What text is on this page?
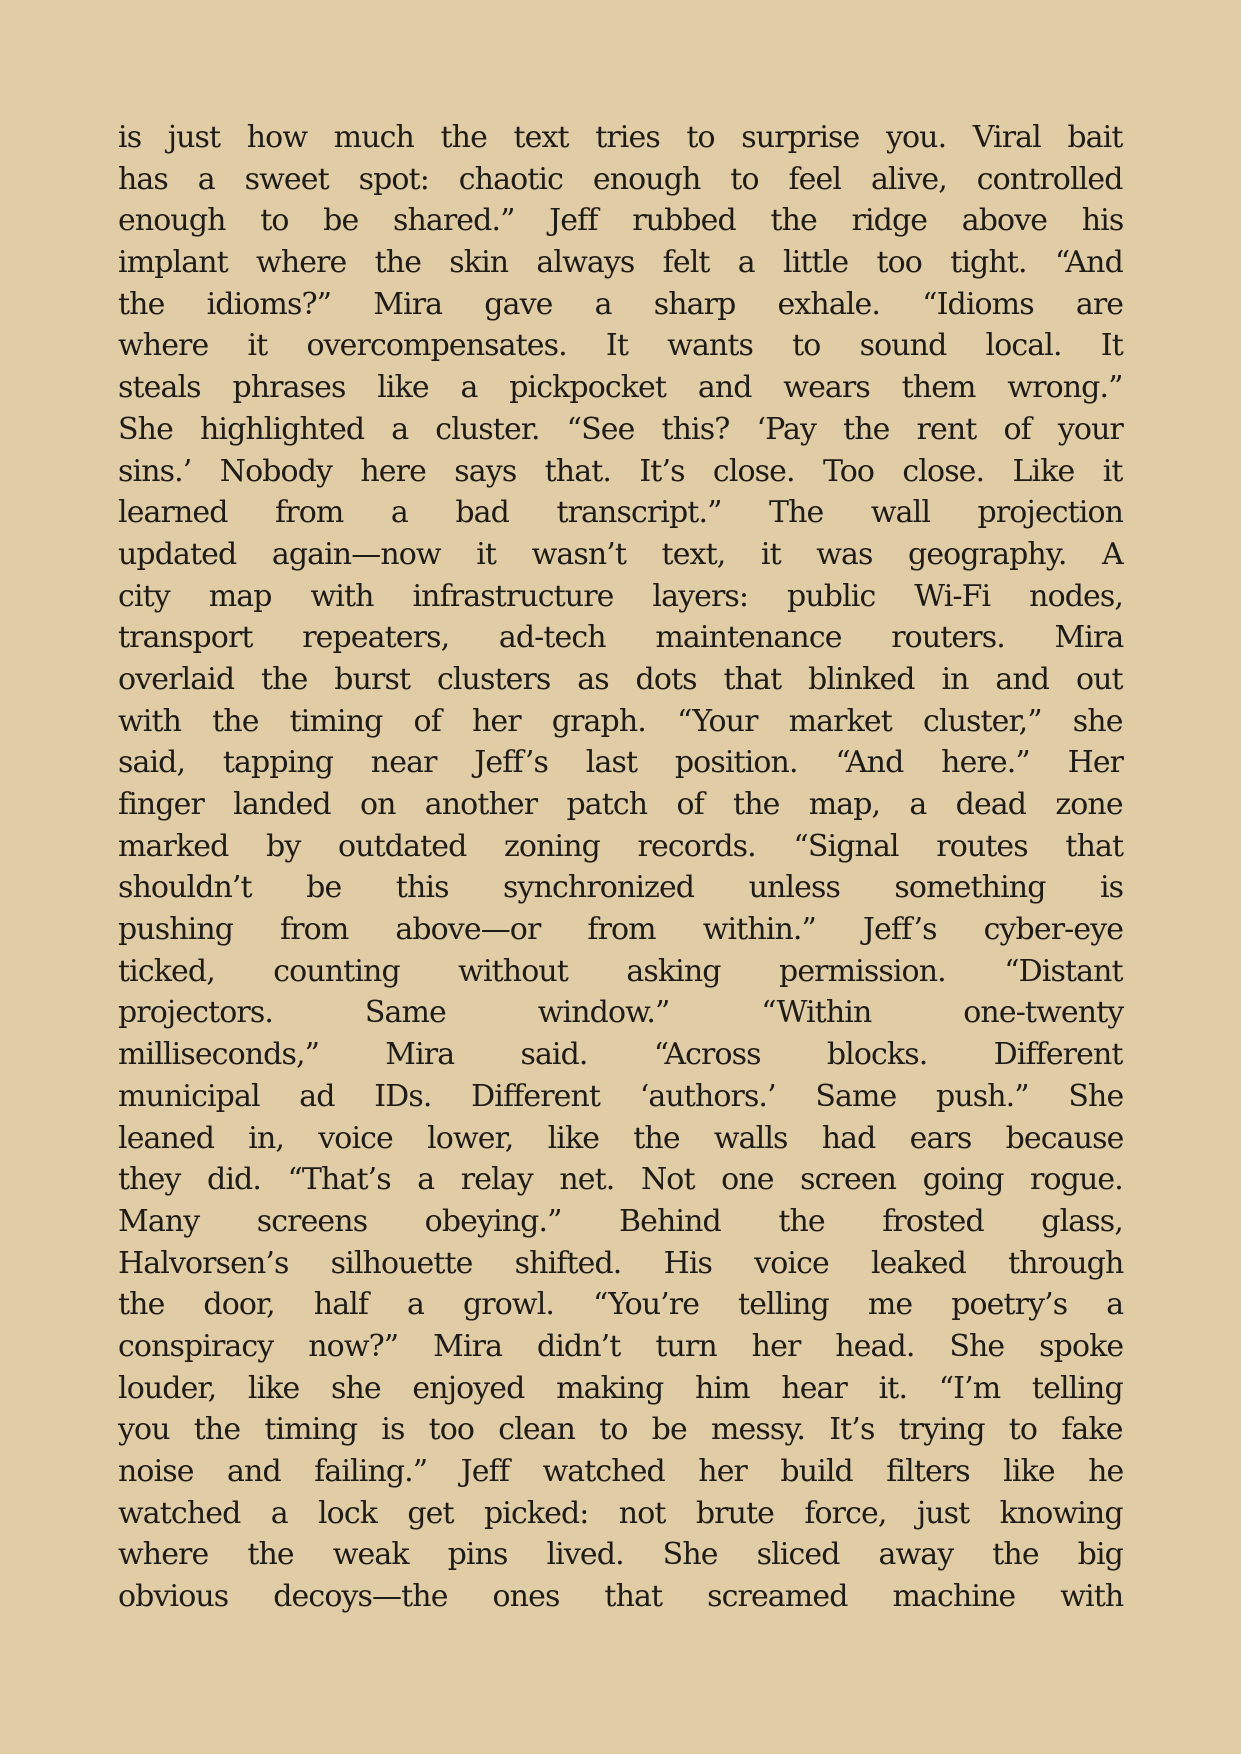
is just how much the text tries to surprise you. Viral bait
has a sweet spot: chaotic enough to feel alive, controlled
enough to be shared.” Jeff rubbed the ridge above his
implant where the skin always felt a little too tight. “And
the idioms?” Mira gave a sharp exhale. “Idioms are
where it overcompensates. It wants to sound local. It
steals phrases like a pickpocket and wears them wrong.”
She highlighted a cluster. “See this? ‘Pay the rent of your
sins.’ Nobody here says that. It’s close. Too close. Like it
learned from a bad transcript.” The wall projection
updated again—now it wasn’t text, it was geography. A
city map with infrastructure layers: public Wi-Fi nodes,
transport repeaters, ad-tech maintenance routers. Mira
overlaid the burst clusters as dots that blinked in and out
with the timing of her graph. “Your market cluster,” she
said, tapping near Jeff’s last position. “And here.” Her
finger landed on another patch of the map, a dead zone
marked by outdated zoning records. “Signal routes that
shouldn’t be this synchronized unless something is
pushing from above—or from within.” Jeff’s cyber-eye
ticked, counting without asking permission. “Distant
projectors. Same window.” “Within one-twenty
milliseconds,” Mira said. “Across blocks. Different
municipal ad IDs. Different ‘authors.’ Same push.” She
leaned in, voice lower, like the walls had ears because
they did. “That’s a relay net. Not one screen going rogue.
Many screens obeying.” Behind the frosted glass,
Halvorsen’s silhouette shifted. His voice leaked through
the door, half a growl. “You’re telling me poetry’s a
conspiracy now?” Mira didn’t turn her head. She spoke
louder, like she enjoyed making him hear it. “I’m telling
you the timing is too clean to be messy. It’s trying to fake
noise and failing.” Jeff watched her build filters like he
watched a lock get picked: not brute force, just knowing
where the weak pins lived. She sliced away the big
obvious decoys—the ones that screamed machine with
